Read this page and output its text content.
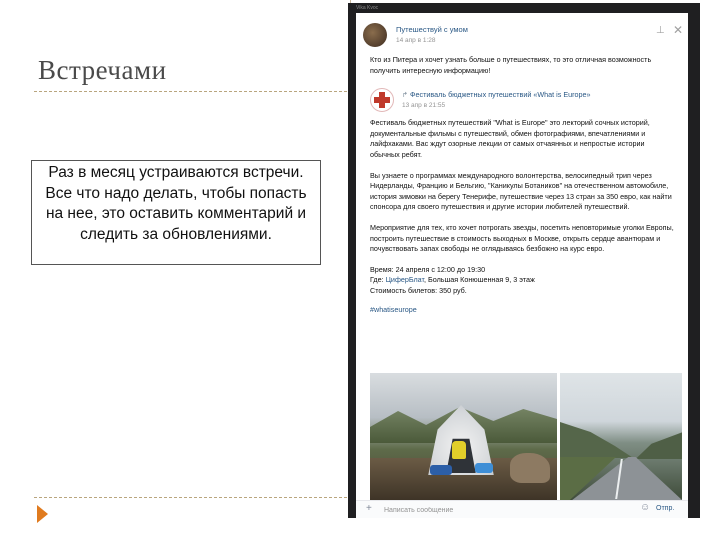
Встречами
Раз в месяц устраиваются встречи. Все что надо делать, чтобы попасть на нее, это оставить комментарий и следить за обновлениями.
Vika Kvoc
Путешествуй с умом
14 апр в 1:28
⊥ ✕
Кто из Питера и хочет узнать больше о путешествиях, то это отличная возможность получить интересную информацию!
↱ Фестиваль бюджетных путешествий «What is Europe»
13 апр в 21:55

Фестиваль бюджетных путешествий "What is Europe" это лекторий сочных историй, документальные фильмы с путешествий, обмен фотографиями, впечатлениями и лайфхаками. Вас ждут озорные лекции от самых отчаянных и непростые истории обычных ребят.

Вы узнаете о программах международного волонтерства, велосипедный трип через Нидерланды, Францию и Бельгию, "Каникулы Ботаников" на отечественном автомобиле, история зимовки на берегу Тенерифе, путешествие через 13 стран за 350 евро, как найти спонсора для своего путешествия и другие истории любителей путешествий.

Мероприятие для тех, кто хочет потрогать звезды, посетить неповторимые уголки Европы, построить путешествие в стоимость выходных в Москве, открыть сердце авантюрам и почувствовать запах свободы не оглядываясь безбожно на курс евро.

Время: 24 апреля с 12:00 до 19:30
Где: ЦиферБлат, Большая Конюшенная 9, 3 этаж
Стоимость билетов: 350 руб.

#whatiseurope
+
Написать сообщение	☺ Отпр.
